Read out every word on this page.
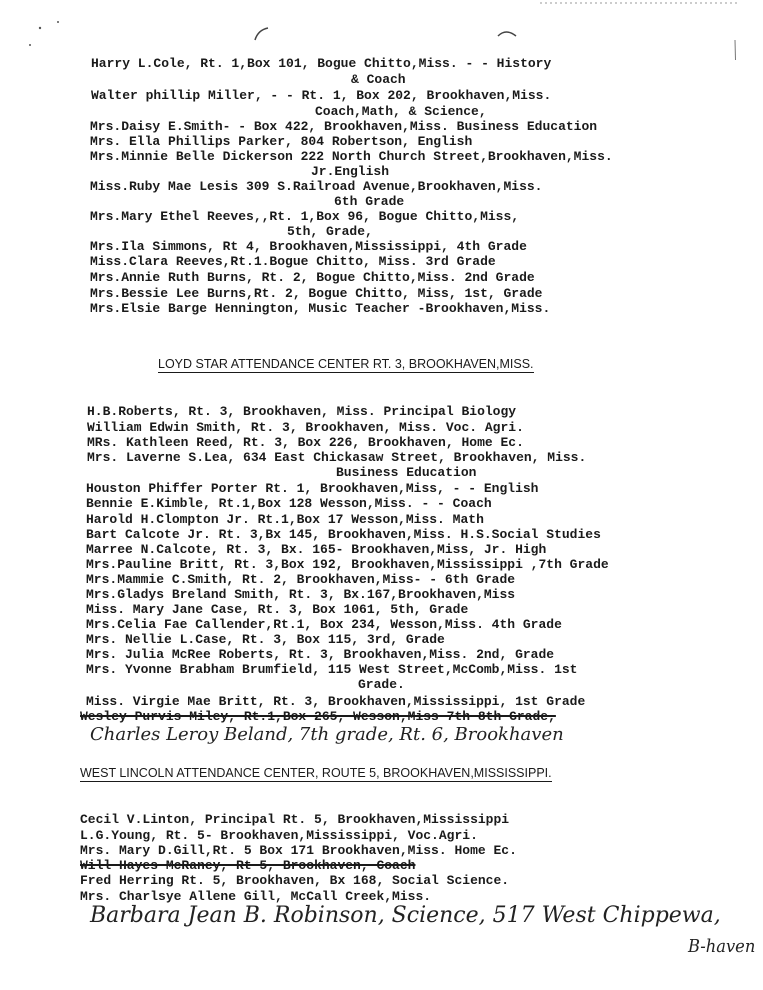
Harry L.Cole, Rt. 1,Box 101, Bogue Chitto,Miss. - - History
& Coach
Walter phillip Miller, - - Rt. 1, Box 202, Brookhaven,Miss.
Coach,Math, & Science,
Mrs.Daisy E.Smith- - Box 422, Brookhaven,Miss. Business Education
Mrs. Ella Phillips Parker, 804 Robertson, English
Mrs.Minnie Belle Dickerson 222 North Church Street,Brookhaven,Miss.
Jr.English
Miss.Ruby Mae Lesis 309 S.Railroad Avenue,Brookhaven,Miss.
6th Grade
Mrs.Mary Ethel Reeves,,Rt. 1,Box 96, Bogue Chitto,Miss,
5th, Grade,
Mrs.Ila Simmons, Rt 4, Brookhaven,Mississippi, 4th Grade
Miss.Clara Reeves,Rt.1.Bogue Chitto, Miss. 3rd Grade
Mrs.Annie Ruth Burns, Rt. 2, Bogue Chitto,Miss. 2nd Grade
Mrs.Bessie Lee Burns,Rt. 2, Bogue Chitto, Miss, 1st, Grade
Mrs.Elsie Barge Hennington, Music Teacher -Brookhaven,Miss.
LOYD STAR ATTENDANCE CENTER RT. 3, BROOKHAVEN,MISS.
H.B.Roberts, Rt. 3, Brookhaven, Miss. Principal Biology
William Edwin Smith, Rt. 3, Brookhaven, Miss. Voc. Agri.
MRs. Kathleen Reed, Rt. 3, Box 226, Brookhaven, Home Ec.
Mrs. Laverne S.Lea, 634 East Chickasaw Street, Brookhaven, Miss.
Business Education
Houston Phiffer Porter Rt. 1, Brookhaven,Miss, - - English
Bennie E.Kimble, Rt.1,Box 128 Wesson,Miss. - - Coach
Harold H.Clompton Jr. Rt.1,Box 17 Wesson,Miss. Math
Bart Calcote Jr. Rt. 3,Bx 145, Brookhaven,Miss. H.S.Social Studies
Marree N.Calcote, Rt. 3, Bx. 165- Brookhaven,Miss, Jr. High
Mrs.Pauline Britt, Rt. 3,Box 192, Brookhaven,Mississippi ,7th Grade
Mrs.Mammie C.Smith, Rt. 2, Brookhaven,Miss- - 6th Grade
Mrs.Gladys Breland Smith, Rt. 3, Bx.167,Brookhaven,Miss
Miss. Mary Jane Case, Rt. 3, Box 1061, 5th, Grade
Mrs.Celia Fae Callender,Rt.1, Box 234, Wesson,Miss. 4th Grade
Mrs. Nellie L.Case, Rt. 3, Box 115, 3rd, Grade
Mrs. Julia McRee Roberts, Rt. 3, Brookhaven,Miss. 2nd, Grade
Mrs. Yvonne Brabham Brumfield, 115 West Street,McComb,Miss. 1st
Grade.
Miss. Virgie Mae Britt, Rt. 3, Brookhaven,Mississippi, 1st Grade
Wesley Purvis Miley, Rt.1,Box 265, Wesson,Miss 7th 8th Grade,
Charles Leroy Beland, 7th grade, Rt. 6, Brookhaven
WEST LINCOLN ATTENDANCE CENTER, ROUTE 5, BROOKHAVEN,MISSISSIPPI.
Cecil V.Linton, Principal Rt. 5, Brookhaven,Mississippi
L.G.Young, Rt. 5- Brookhaven,Mississippi, Voc.Agri.
Mrs. Mary D.Gill,Rt. 5 Box 171 Brookhaven,Miss. Home Ec.
Will Hayes McRaney, Rt 5, Brookhaven, Coach
Fred Herring Rt. 5, Brookhaven, Bx 168, Social Science.
Mrs. Charlsye Allene Gill, McCall Creek,Miss.
Barbara Jean B. Robinson, Science, 517 West Chippewa,
B-haven
